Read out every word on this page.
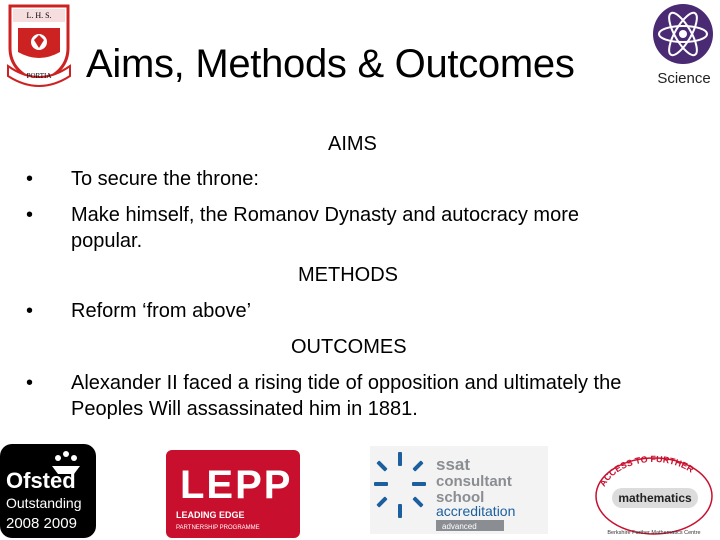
L. H. S.
PORTIA Aims, Methods & Outcomes	Science
AIMS
• To secure the throne:
• Make himself, the Romanov Dynasty and autocracy more popular.
METHODS
• Reform ‘from above’
OUTCOMES
• Alexander II faced a rising tide of opposition and ultimately the Peoples Will assassinated him in 1881.
Ofsted
Outstanding
2008 2009
LEPP
LEADING EDGE
PARTNERSHIP PROGRAMME
ssat
consultant
school
accreditation
advanced
ACCESS TO FURTHER
mathematics
Berkshire Further Mathematics Centre
